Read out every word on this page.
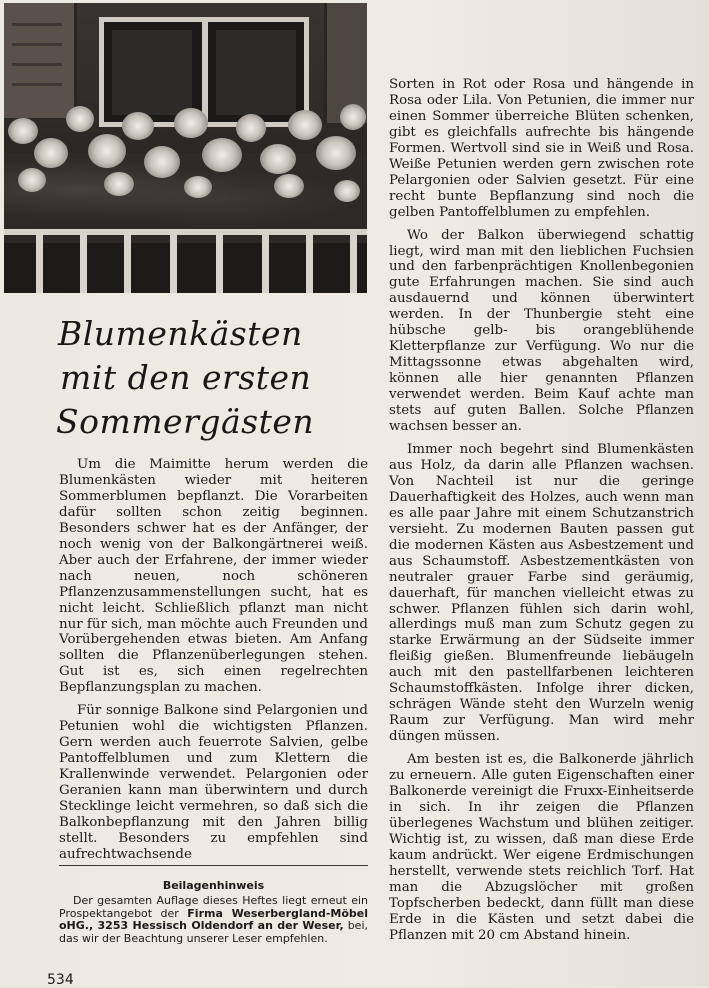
Blumenkästen
mit den ersten
Sommergästen

Um die Maimitte herum werden die Blumenkästen wieder mit heiteren Sommerblumen bepflanzt. Die Vorarbeiten dafür sollten schon zeitig beginnen. Besonders schwer hat es der Anfänger, der noch wenig von der Balkongärtnerei weiß. Aber auch der Erfahrene, der immer wieder nach neuen, noch schöneren Pflanzenzusammenstellungen sucht, hat es nicht leicht. Schließlich pflanzt man nicht nur für sich, man möchte auch Freunden und Vorübergehenden etwas bieten. Am Anfang sollten die Pflanzenüberlegungen stehen. Gut ist es, sich einen regelrechten Bepflanzungsplan zu machen.

Für sonnige Balkone sind Pelargonien und Petunien wohl die wichtigsten Pflanzen. Gern werden auch feuerrote Salvien, gelbe Pantoffelblumen und zum Klettern die Krallenwinde verwendet. Pelargonien oder Geranien kann man überwintern und durch Stecklinge leicht vermehren, so daß sich die Balkonbepflanzung mit den Jahren billig stellt. Besonders zu empfehlen sind aufrechtwachsende

Sorten in Rot oder Rosa und hängende in Rosa oder Lila. Von Petunien, die immer nur einen Sommer überreiche Blüten schenken, gibt es gleichfalls aufrechte bis hängende Formen. Wertvoll sind sie in Weiß und Rosa. Weiße Petunien werden gern zwischen rote Pelargonien oder Salvien gesetzt. Für eine recht bunte Bepflanzung sind noch die gelben Pantoffelblumen zu empfehlen.

Wo der Balkon überwiegend schattig liegt, wird man mit den lieblichen Fuchsien und den farbenprächtigen Knollenbegonien gute Erfahrungen machen. Sie sind auch ausdauernd und können überwintert werden. In der Thunbergie steht eine hübsche gelb- bis orangeblühende Kletterpflanze zur Verfügung. Wo nur die Mittagssonne etwas abgehalten wird, können alle hier genannten Pflanzen verwendet werden. Beim Kauf achte man stets auf guten Ballen. Solche Pflanzen wachsen besser an.

Immer noch begehrt sind Blumenkästen aus Holz, da darin alle Pflanzen wachsen. Von Nachteil ist nur die geringe Dauerhaftigkeit des Holzes, auch wenn man es alle paar Jahre mit einem Schutzanstrich versieht. Zu modernen Bauten passen gut die modernen Kästen aus Asbestzement und aus Schaumstoff. Asbestzementkästen von neutraler grauer Farbe sind geräumig, dauerhaft, für manchen vielleicht etwas zu schwer. Pflanzen fühlen sich darin wohl, allerdings muß man zum Schutz gegen zu starke Erwärmung an der Südseite immer fleißig gießen. Blumenfreunde liebäugeln auch mit den pastellfarbenen leichteren Schaumstoffkästen. Infolge ihrer dicken, schrägen Wände steht den Wurzeln wenig Raum zur Verfügung. Man wird mehr düngen müssen.

Am besten ist es, die Balkonerde jährlich zu erneuern. Alle guten Eigenschaften einer Balkonerde vereinigt die Fruxx-Einheitserde in sich. In ihr zeigen die Pflanzen überlegenes Wachstum und blühen zeitiger. Wichtig ist, zu wissen, daß man diese Erde kaum andrückt. Wer eigene Erdmischungen herstellt, verwende stets reichlich Torf. Hat man die Abzugslöcher mit großen Topfscherben bedeckt, dann füllt man diese Erde in die Kästen und setzt dabei die Pflanzen mit 20 cm Abstand hinein.

Beilagenhinweis
Der gesamten Auflage dieses Heftes liegt erneut ein Prospektangebot der Firma Weserbergland-Möbel oHG., 3253 Hessisch Oldendorf an der Weser, bei, das wir der Beachtung unserer Leser empfehlen.
534
